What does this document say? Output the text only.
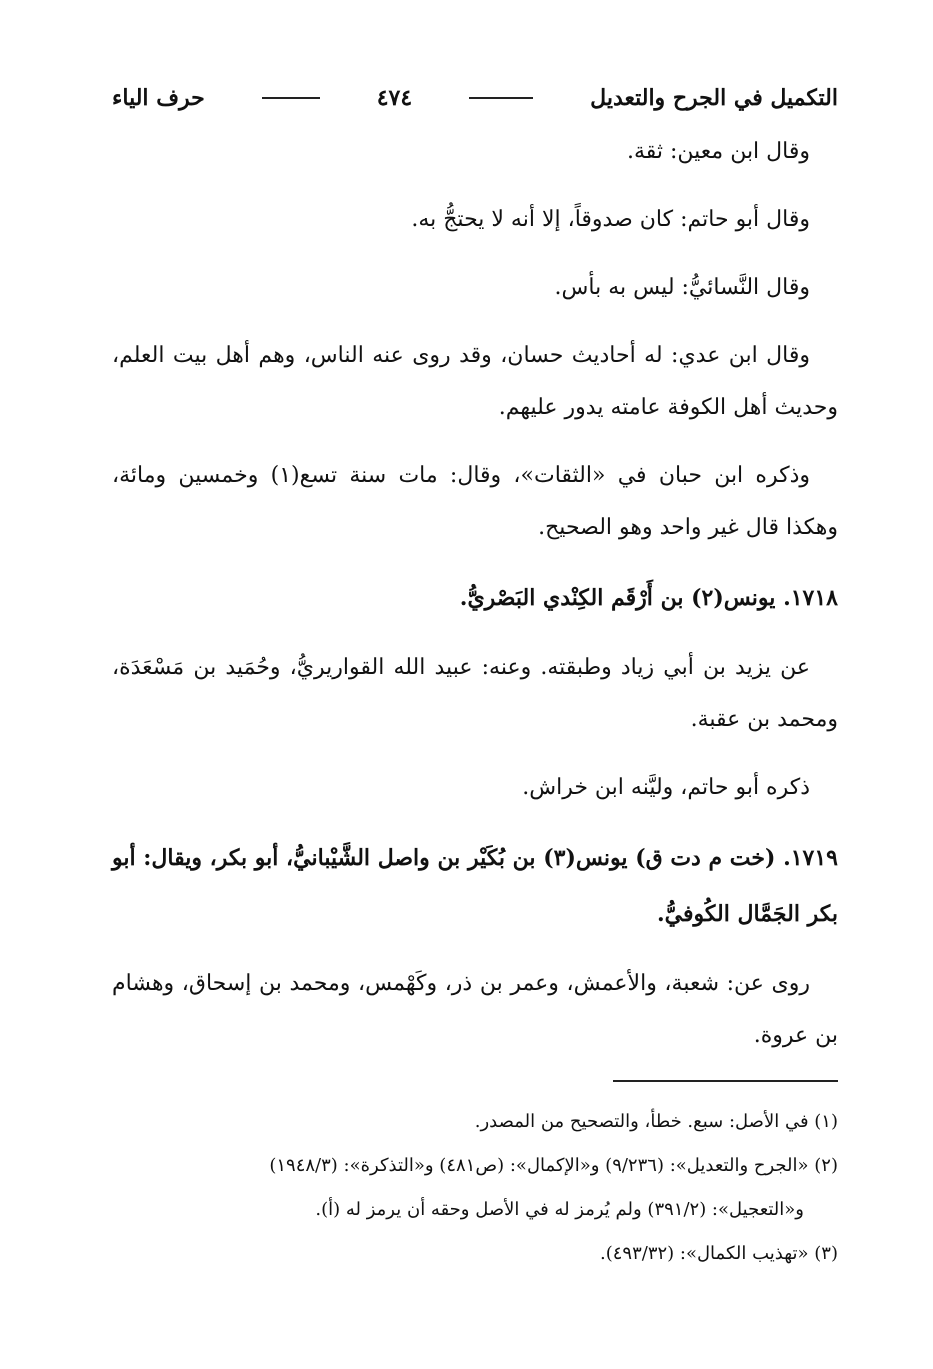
التكميل في الجرح والتعديل
٤٧٤
حرف الياء

وقال ابن معين: ثقة.

وقال أبو حاتم: كان صدوقاً، إلا أنه لا يحتجُّ به.

وقال النَّسائيُّ: ليس به بأس.

وقال ابن عدي: له أحاديث حسان، وقد روى عنه الناس، وهم أهل بيت العلم، وحديث أهل الكوفة عامته يدور عليهم.

وذكره ابن حبان في «الثقات»، وقال: مات سنة تسع(١) وخمسين ومائة، وهكذا قال غير واحد وهو الصحيح.

١٧١٨. يونس(٢) بن أَرْقَم الكِنْدي البَصْريُّ.

عن يزيد بن أبي زياد وطبقته. وعنه: عبيد الله القواريريُّ، وحُمَيد بن مَسْعَدَة، ومحمد بن عقبة.

ذكره أبو حاتم، وليَّنه ابن خراش.

١٧١٩. (خت م دت ق) يونس(٣) بن بُكَيْر بن واصل الشَّيْبانيُّ، أبو بكر، ويقال: أبو بكر الجَمَّال الكُوفيُّ.

روى عن: شعبة، والأعمش، وعمر بن ذر، وكَهْمس، ومحمد بن إسحاق، وهشام بن عروة.

(١) في الأصل: سبع. خطأ، والتصحيح من المصدر.

(٢) «الجرح والتعديل»: (٩/٢٣٦) و«الإكمال»: (ص٤٨١) و«التذكرة»: (١٩٤٨/٣)

و«التعجيل»: (٣٩١/٢) ولم يُرمز له في الأصل وحقه أن يرمز له (أ).

(٣) «تهذيب الكمال»: (٤٩٣/٣٢).
